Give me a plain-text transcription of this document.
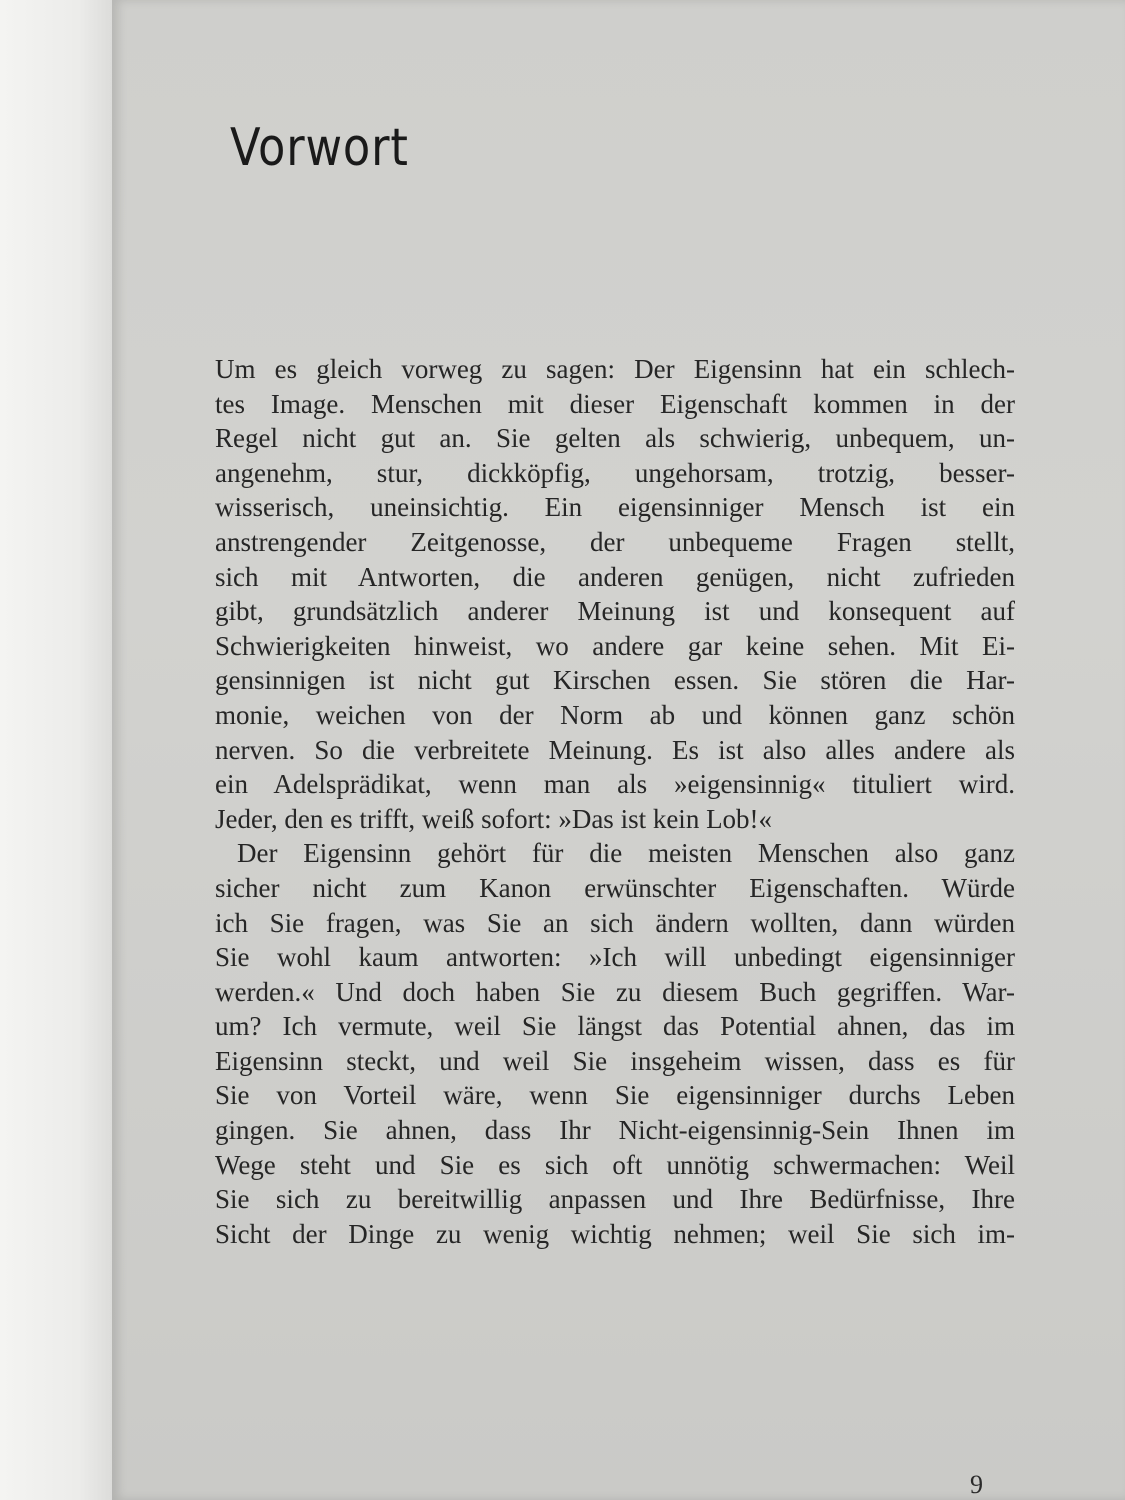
Vorwort
Um es gleich vorweg zu sagen: Der Eigensinn hat ein schlech-
tes Image. Menschen mit dieser Eigenschaft kommen in der
Regel nicht gut an. Sie gelten als schwierig, unbequem, un-
angenehm, stur, dickköpfig, ungehorsam, trotzig, besser-
wisserisch, uneinsichtig. Ein eigensinniger Mensch ist ein
anstrengender Zeitgenosse, der unbequeme Fragen stellt,
sich mit Antworten, die anderen genügen, nicht zufrieden
gibt, grundsätzlich anderer Meinung ist und konsequent auf
Schwierigkeiten hinweist, wo andere gar keine sehen. Mit Ei-
gensinnigen ist nicht gut Kirschen essen. Sie stören die Har-
monie, weichen von der Norm ab und können ganz schön
nerven. So die verbreitete Meinung. Es ist also alles andere als
ein Adelsprädikat, wenn man als »eigensinnig« tituliert wird.
Jeder, den es trifft, weiß sofort: »Das ist kein Lob!«
Der Eigensinn gehört für die meisten Menschen also ganz
sicher nicht zum Kanon erwünschter Eigenschaften. Würde
ich Sie fragen, was Sie an sich ändern wollten, dann würden
Sie wohl kaum antworten: »Ich will unbedingt eigensinniger
werden.« Und doch haben Sie zu diesem Buch gegriffen. War-
um? Ich vermute, weil Sie längst das Potential ahnen, das im
Eigensinn steckt, und weil Sie insgeheim wissen, dass es für
Sie von Vorteil wäre, wenn Sie eigensinniger durchs Leben
gingen. Sie ahnen, dass Ihr Nicht-eigensinnig-Sein Ihnen im
Wege steht und Sie es sich oft unnötig schwermachen: Weil
Sie sich zu bereitwillig anpassen und Ihre Bedürfnisse, Ihre
Sicht der Dinge zu wenig wichtig nehmen; weil Sie sich im-
9
